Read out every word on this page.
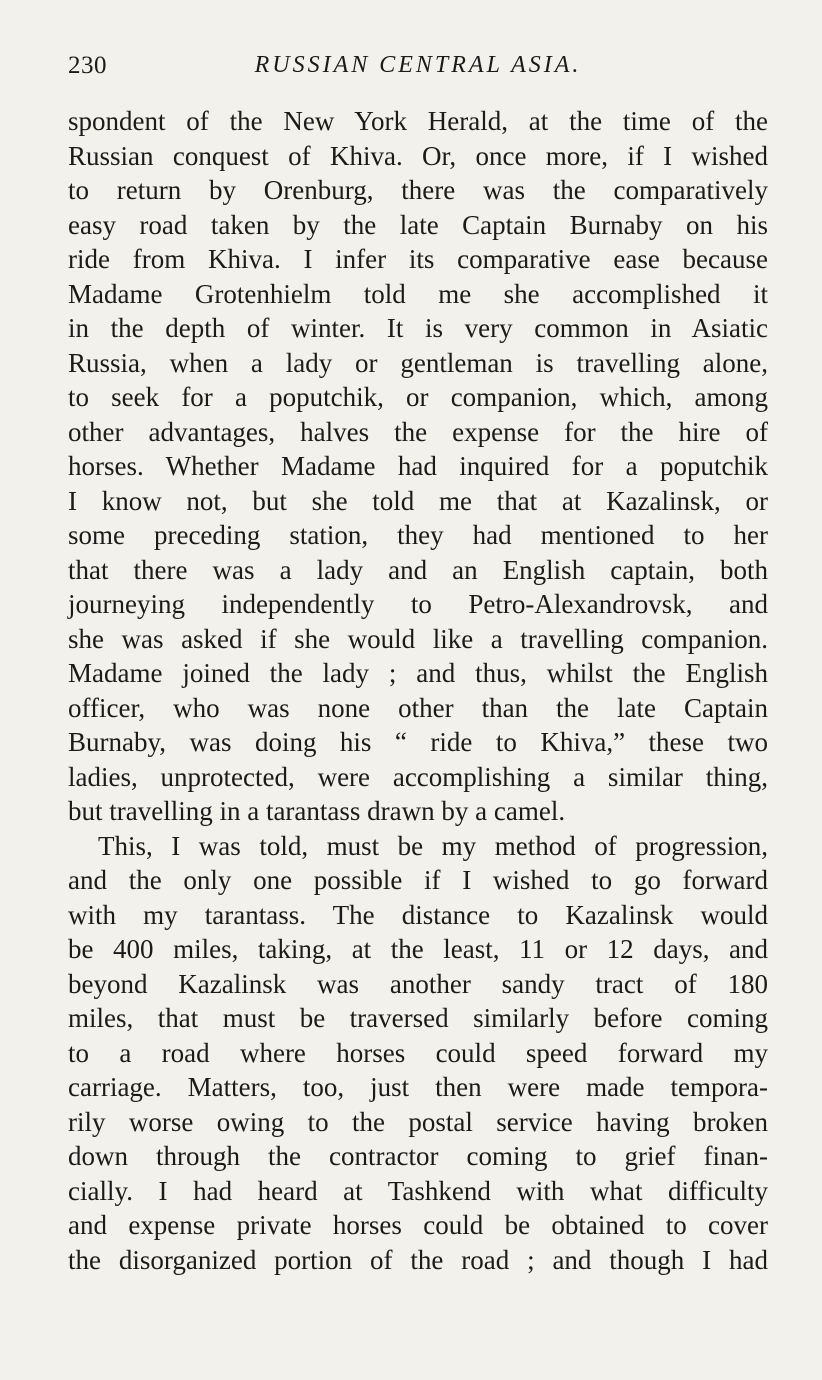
230	RUSSIAN CENTRAL ASIA.
spondent of the New York Herald, at the time of the
Russian conquest of Khiva. Or, once more, if I wished
to return by Orenburg, there was the comparatively
easy road taken by the late Captain Burnaby on his
ride from Khiva. I infer its comparative ease because
Madame Grotenhielm told me she accomplished it
in the depth of winter. It is very common in Asiatic
Russia, when a lady or gentleman is travelling alone,
to seek for a poputchik, or companion, which, among
other advantages, halves the expense for the hire of
horses. Whether Madame had inquired for a poputchik
I know not, but she told me that at Kazalinsk, or
some preceding station, they had mentioned to her
that there was a lady and an English captain, both
journeying independently to Petro-Alexandrovsk, and
she was asked if she would like a travelling companion.
Madame joined the lady ; and thus, whilst the English
officer, who was none other than the late Captain
Burnaby, was doing his “ ride to Khiva,” these two
ladies, unprotected, were accomplishing a similar thing,
but travelling in a tarantass drawn by a camel.
This, I was told, must be my method of progression,
and the only one possible if I wished to go forward
with my tarantass. The distance to Kazalinsk would
be 400 miles, taking, at the least, 11 or 12 days, and
beyond Kazalinsk was another sandy tract of 180
miles, that must be traversed similarly before coming
to a road where horses could speed forward my
carriage. Matters, too, just then were made tempora-
rily worse owing to the postal service having broken
down through the contractor coming to grief finan-
cially. I had heard at Tashkend with what difficulty
and expense private horses could be obtained to cover
the disorganized portion of the road ; and though I had
